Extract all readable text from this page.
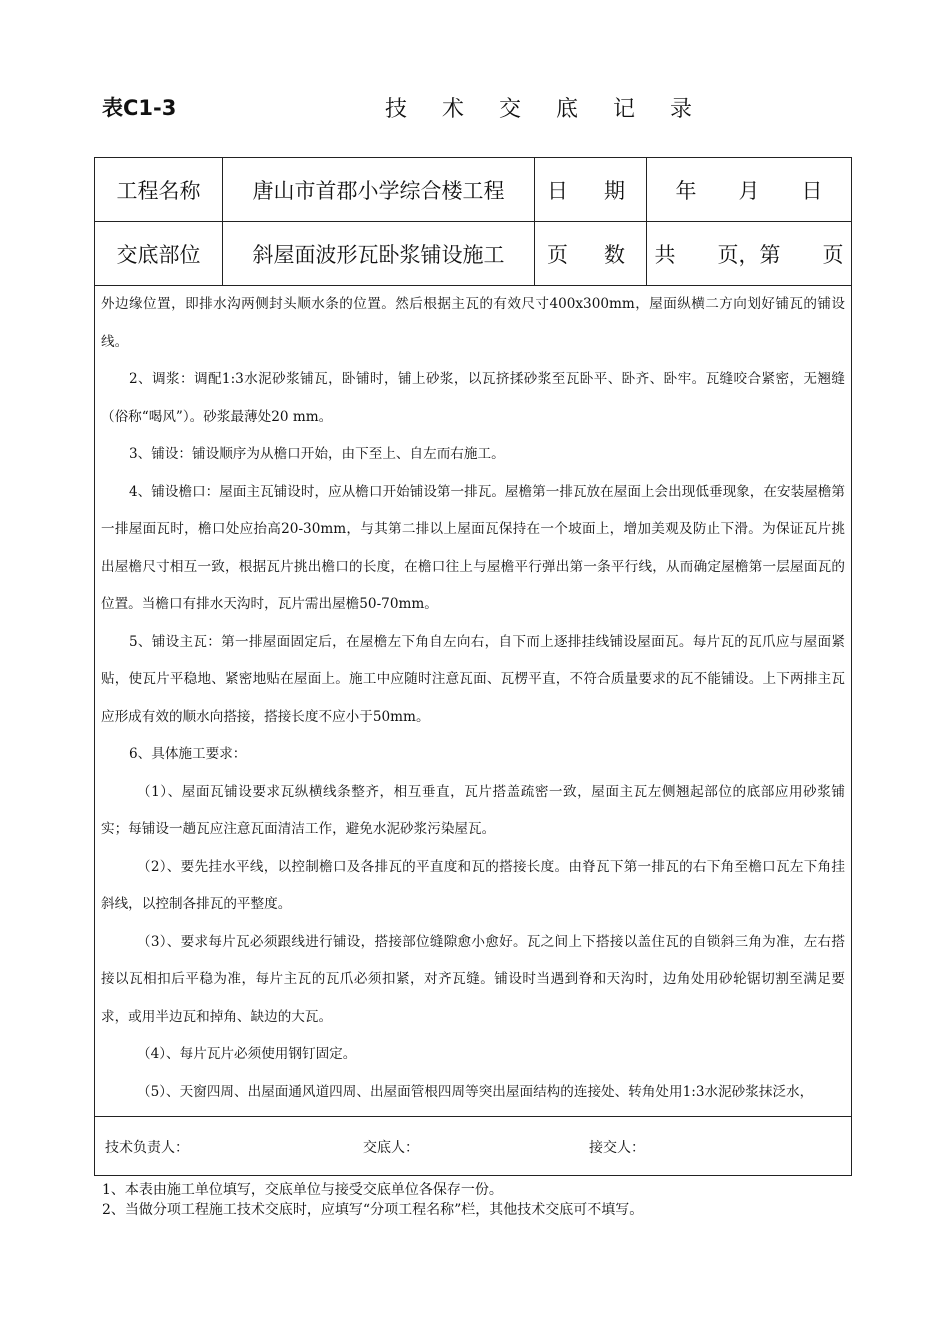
表C1-3	技 术 交 底 记 录
工程名称	唐山市首郡小学综合楼工程	日 期	年　　月　　日
交底部位	斜屋面波形瓦卧浆铺设施工	页 数	共　　页，第　　页

外边缘位置，即排水沟两侧封头顺水条的位置。然后根据主瓦的有效尺寸400x300mm，屋面纵横二方向划好铺瓦的铺设线。

2、调浆：调配1:3水泥砂浆铺瓦，卧铺时，铺上砂浆，以瓦挤揉砂浆至瓦卧平、卧齐、卧牢。瓦缝咬合紧密，无翘缝（俗称“喝风”）。砂浆最薄处20 mm。

3、铺设：铺设顺序为从檐口开始，由下至上、自左而右施工。

4、铺设檐口：屋面主瓦铺设时，应从檐口开始铺设第一排瓦。屋檐第一排瓦放在屋面上会出现低垂现象，在安装屋檐第一排屋面瓦时，檐口处应抬高20-30mm，与其第二排以上屋面瓦保持在一个坡面上，增加美观及防止下滑。为保证瓦片挑出屋檐尺寸相互一致，根据瓦片挑出檐口的长度，在檐口往上与屋檐平行弹出第一条平行线，从而确定屋檐第一层屋面瓦的位置。当檐口有排水天沟时，瓦片需出屋檐50-70mm。

5、铺设主瓦：第一排屋面固定后，在屋檐左下角自左向右，自下而上逐排挂线铺设屋面瓦。每片瓦的瓦爪应与屋面紧贴，使瓦片平稳地、紧密地贴在屋面上。施工中应随时注意瓦面、瓦楞平直，不符合质量要求的瓦不能铺设。上下两排主瓦应形成有效的顺水向搭接，搭接长度不应小于50mm。

6、具体施工要求：

（1）、屋面瓦铺设要求瓦纵横线条整齐，相互垂直，瓦片搭盖疏密一致，屋面主瓦左侧翘起部位的底部应用砂浆铺实；每铺设一趟瓦应注意瓦面清洁工作，避免水泥砂浆污染屋瓦。

（2）、要先挂水平线，以控制檐口及各排瓦的平直度和瓦的搭接长度。由脊瓦下第一排瓦的右下角至檐口瓦左下角挂斜线，以控制各排瓦的平整度。

（3）、要求每片瓦必须跟线进行铺设，搭接部位缝隙愈小愈好。瓦之间上下搭接以盖住瓦的自锁斜三角为准，左右搭接以瓦相扣后平稳为准，每片主瓦的瓦爪必须扣紧，对齐瓦缝。铺设时当遇到脊和天沟时，边角处用砂轮锯切割至满足要求，或用半边瓦和掉角、缺边的大瓦。

（4）、每片瓦片必须使用钢钉固定。

（5）、天窗四周、出屋面通风道四周、出屋面管根四周等突出屋面结构的连接处、转角处用1:3水泥砂浆抹泛水，

技术负责人：	交底人：	接交人：
1、本表由施工单位填写，交底单位与接受交底单位各保存一份。
2、当做分项工程施工技术交底时，应填写“分项工程名称”栏，其他技术交底可不填写。
